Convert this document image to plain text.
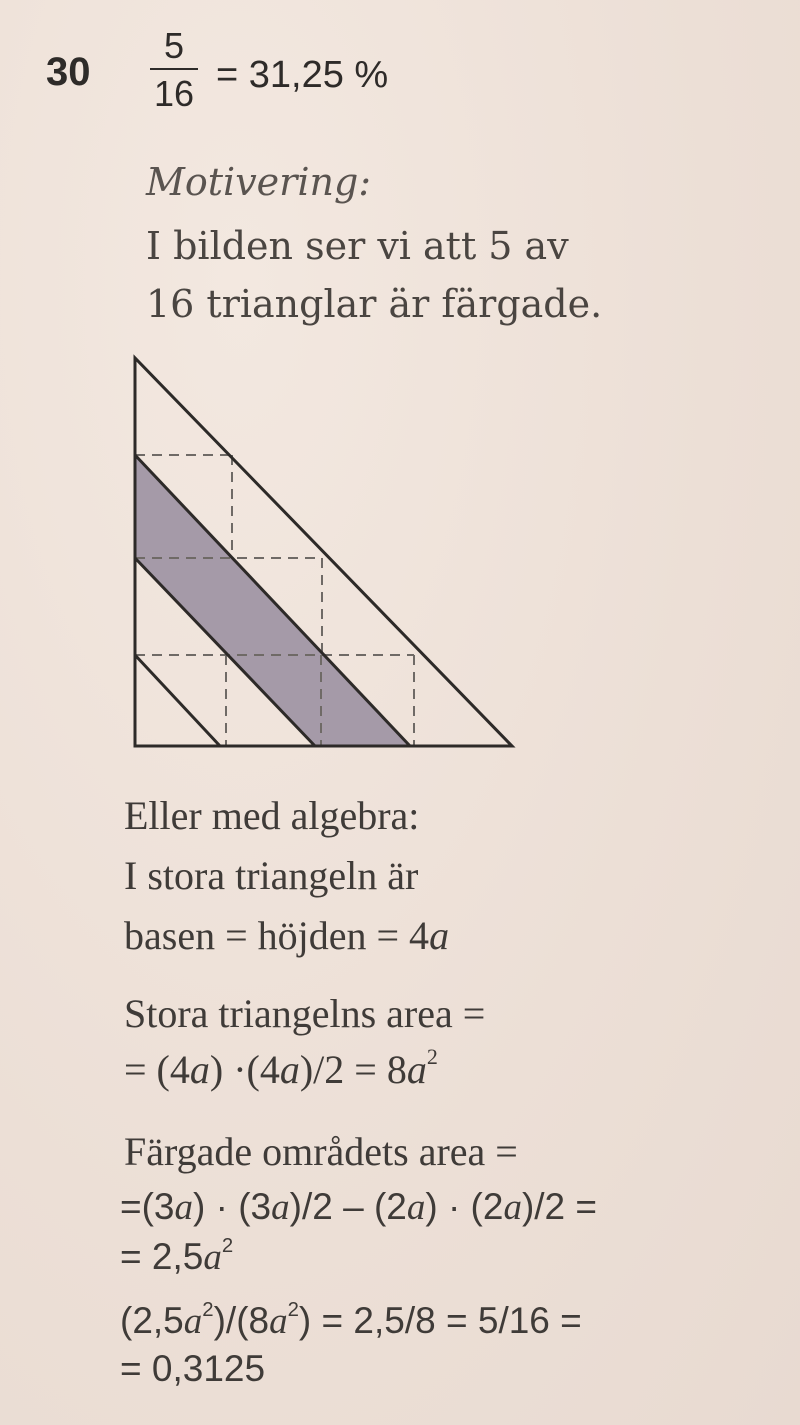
30
5
16 = 31,25 %
Motivering:
I bilden ser vi att 5 av
16 trianglar är färgade.
Eller med algebra:
I stora triangeln är
basen = höjden = 4a
Stora triangelns area =
= $(4a) \cdot(4a)/2 = 8a^2$
Färgade områdets area =
=(3a) · (3a)/2 – (2a) · (2a)/2 =
= $2,5a^2$
$(2,5a^2)/(8a^2) = 2,5/8 = 5/16$ =
= 0,3125
